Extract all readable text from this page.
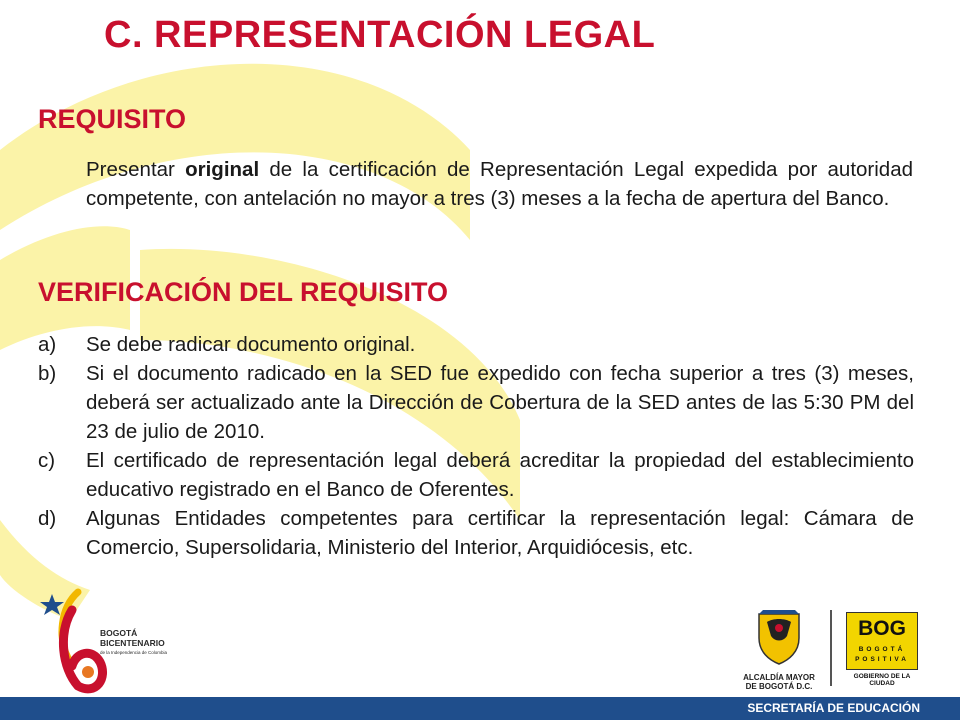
C. REPRESENTACIÓN LEGAL
REQUISITO
Presentar original de la certificación de Representación Legal expedida por autoridad competente, con antelación no mayor a tres (3) meses a la fecha de apertura del Banco.
VERIFICACIÓN DEL REQUISITO
a)	Se debe radicar documento original.
b)	Si el documento radicado en la SED fue expedido con fecha superior a tres (3) meses, deberá ser actualizado ante la Dirección de Cobertura de la SED antes de las 5:30 PM del 23 de julio de 2010.
c)	El certificado de representación legal deberá acreditar la propiedad del establecimiento educativo registrado en el Banco de Oferentes.
d)	Algunas Entidades competentes para certificar la representación legal: Cámara de Comercio, Supersolidaria, Ministerio del Interior, Arquidiócesis, etc.
BOGOTÁ
BICENTENARIO
de la Independencia de Colombia
ALCALDÍA MAYOR
DE BOGOTÁ D.C.
BOG
BOGOTÁ
POSITIVA
GOBIERNO DE LA CIUDAD
SECRETARÍA DE EDUCACIÓN
